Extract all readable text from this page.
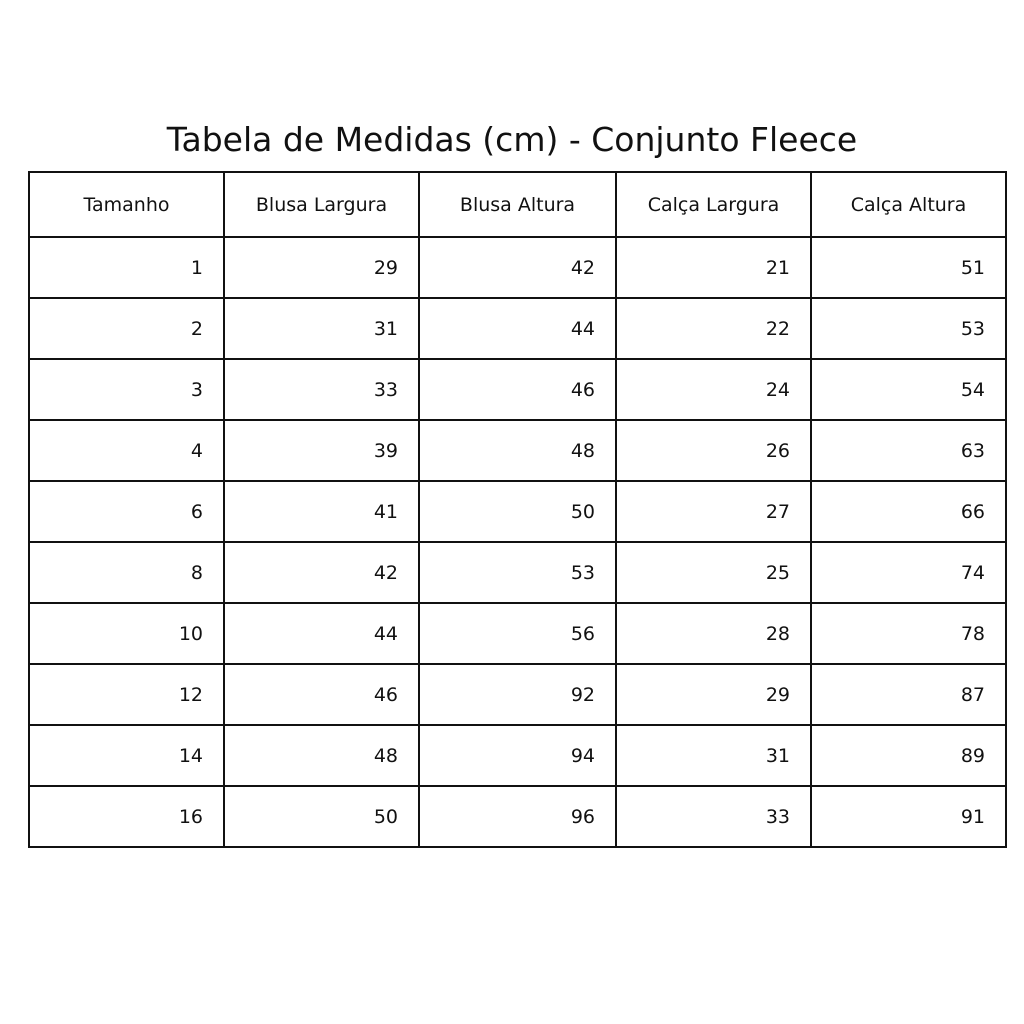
Tabela de Medidas (cm) - Conjunto Fleece
Tamanho	Blusa Largura	Blusa Altura	Calça Largura	Calça Altura
1	29	42	21	51
2	31	44	22	53
3	33	46	24	54
4	39	48	26	63
6	41	50	27	66
8	42	53	25	74
10	44	56	28	78
12	46	92	29	87
14	48	94	31	89
16	50	96	33	91
